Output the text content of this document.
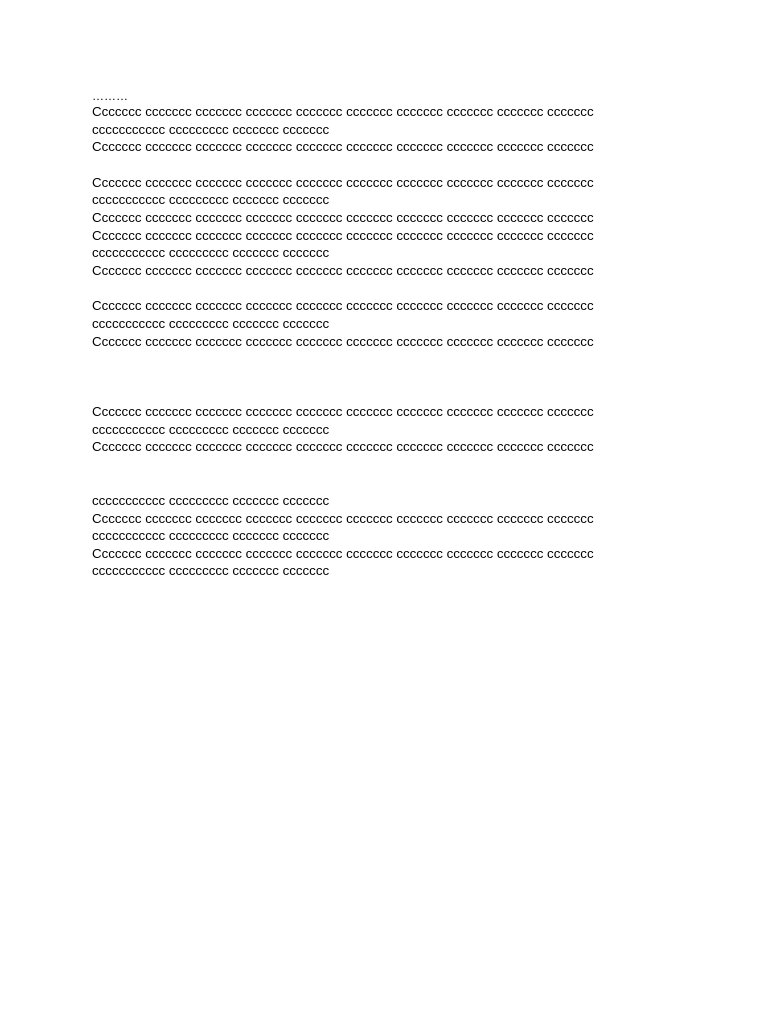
………
Ccccccc ccccccc ccccccc ccccccc ccccccc ccccccc ccccccc ccccccc ccccccc ccccccc
ccccccccccc ccccccccc ccccccc ccccccc
Ccccccc ccccccc ccccccc ccccccc ccccccc ccccccc ccccccc ccccccc ccccccc ccccccc
Ccccccc ccccccc ccccccc ccccccc ccccccc ccccccc ccccccc ccccccc ccccccc ccccccc
ccccccccccc ccccccccc ccccccc ccccccc
Ccccccc ccccccc ccccccc ccccccc ccccccc ccccccc ccccccc ccccccc ccccccc ccccccc
Ccccccc ccccccc ccccccc ccccccc ccccccc ccccccc ccccccc ccccccc ccccccc ccccccc
ccccccccccc ccccccccc ccccccc ccccccc
Ccccccc ccccccc ccccccc ccccccc ccccccc ccccccc ccccccc ccccccc ccccccc ccccccc
Ccccccc ccccccc ccccccc ccccccc ccccccc ccccccc ccccccc ccccccc ccccccc ccccccc
ccccccccccc ccccccccc ccccccc ccccccc
Ccccccc ccccccc ccccccc ccccccc ccccccc ccccccc ccccccc ccccccc ccccccc ccccccc
Ccccccc ccccccc ccccccc ccccccc ccccccc ccccccc ccccccc ccccccc ccccccc ccccccc
ccccccccccc ccccccccc ccccccc ccccccc
Ccccccc ccccccc ccccccc ccccccc ccccccc ccccccc ccccccc ccccccc ccccccc ccccccc
ccccccccccc ccccccccc ccccccc ccccccc
Ccccccc ccccccc ccccccc ccccccc ccccccc ccccccc ccccccc ccccccc ccccccc ccccccc
ccccccccccc ccccccccc ccccccc ccccccc
Ccccccc ccccccc ccccccc ccccccc ccccccc ccccccc ccccccc ccccccc ccccccc ccccccc
ccccccccccc ccccccccc ccccccc ccccccc
